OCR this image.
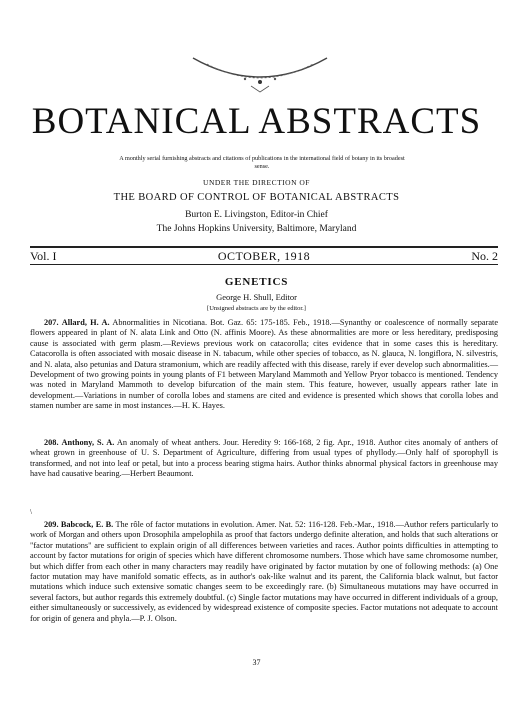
BOTANICAL ABSTRACTS

A monthly serial furnishing abstracts and citations of publications in the international field of botany in its broadest sense.

UNDER THE DIRECTION OF

THE BOARD OF CONTROL OF BOTANICAL ABSTRACTS

Burton E. Livingston, Editor-in Chief
The Johns Hopkins University, Baltimore, Maryland

Vol. I	OCTOBER, 1918	No. 2
GENETICS

George H. Shull, Editor

[Unsigned abstracts are by the editor.]

207. Allard, H. A. Abnormalities in Nicotiana. Bot. Gaz. 65: 175-185. Feb., 1918.—Synanthy or coalescence of normally separate flowers appeared in plant of N. alata Link and Otto (N. affinis Moore). As these abnormalities are more or less hereditary, predisposing cause is associated with germ plasm.—Reviews previous work on catacorolla; cites evidence that in some cases this is hereditary. Catacorolla is often associated with mosaic disease in N. tabacum, while other species of tobacco, as N. glauca, N. longiflora, N. silvestris, and N. alata, also petunias and Datura stramonium, which are readily affected with this disease, rarely if ever develop such abnormalities.—Development of two growing points in young plants of F1 between Maryland Mammoth and Yellow Pryor tobacco is mentioned. Tendency was noted in Maryland Mammoth to develop bifurcation of the main stem. This feature, however, usually appears rather late in development.—Variations in number of corolla lobes and stamens are cited and evidence is presented which shows that corolla lobes and stamen number are same in most instances.—H. K. Hayes.

208. Anthony, S. A. An anomaly of wheat anthers. Jour. Heredity 9: 166-168, 2 fig. Apr., 1918. Author cites anomaly of anthers of wheat grown in greenhouse of U. S. Department of Agriculture, differing from usual types of phyllody.—Only half of sporophyll is transformed, and not into leaf or petal, but into a process bearing stigma hairs. Author thinks abnormal physical factors in greenhouse may have had causative bearing.—Herbert Beaumont.

\

209. Babcock, E. B. The rôle of factor mutations in evolution. Amer. Nat. 52: 116-128. Feb.-Mar., 1918.—Author refers particularly to work of Morgan and others upon Drosophila ampelophila as proof that factors undergo definite alteration, and holds that such alterations or "factor mutations" are sufficient to explain origin of all differences between varieties and races. Author points difficulties in attempting to account by factor mutations for origin of species which have different chromosome numbers. Those which have same chromosome number, but which differ from each other in many characters may readily have originated by factor mutation by one of following methods: (a) One factor mutation may have manifold somatic effects, as in author's oak-like walnut and its parent, the California black walnut, but factor mutations which induce such extensive somatic changes seem to be exceedingly rare. (b) Simultaneous mutations may have occurred in several factors, but author regards this extremely doubtful. (c) Single factor mutations may have occurred in different individuals of a group, either simultaneously or successively, as evidenced by widespread existence of composite species. Factor mutations not adequate to account for origin of genera and phyla.—P. J. Olson.

37
